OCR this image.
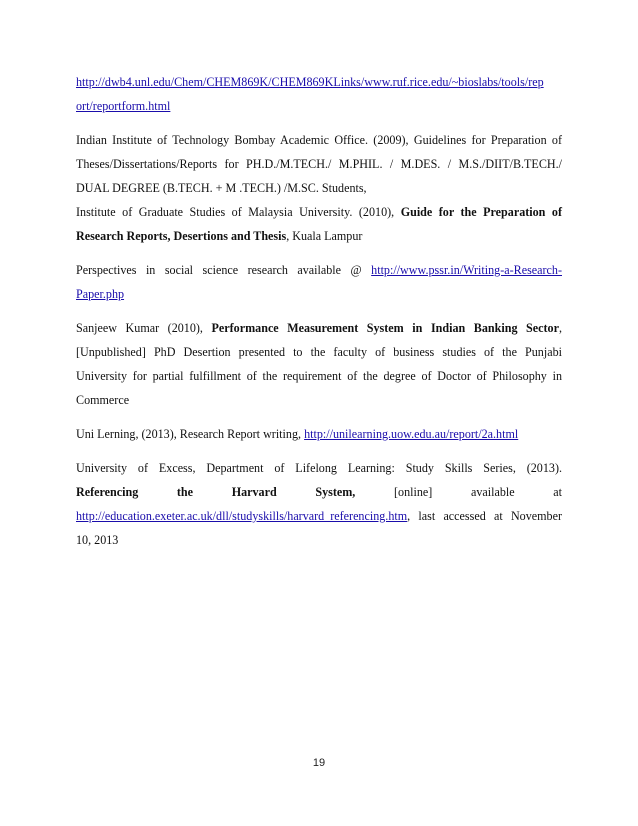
http://dwb4.unl.edu/Chem/CHEM869K/CHEM869KLinks/www.ruf.rice.edu/~bioslabs/tools/rep
ort/reportform.html
Indian Institute of Technology Bombay Academic Office. (2009), Guidelines for Preparation of
Theses/Dissertations/Reports for PH.D./M.TECH./ M.PHIL. / M.DES. / M.S./DIIT/B.TECH./
DUAL DEGREE (B.TECH. + M .TECH.) /M.SC. Students,
Institute of Graduate Studies of Malaysia University. (2010), Guide for the Preparation of
Research Reports, Desertions and Thesis, Kuala Lampur
Perspectives in social science research available @ http://www.pssr.in/Writing-a-Research-
Paper.php
Sanjeew Kumar (2010), Performance Measurement System in Indian Banking Sector,
[Unpublished] PhD Desertion presented to the faculty of business studies of the Punjabi
University for partial fulfillment of the requirement of the degree of Doctor of Philosophy in
Commerce
Uni Lerning, (2013), Research Report writing, http://unilearning.uow.edu.au/report/2a.html
University of Excess, Department of Lifelong Learning: Study Skills Series, (2013).
Referencing	the	Harvard	System,	[online]	available	at
http://education.exeter.ac.uk/dll/studyskills/harvard_referencing.htm, last accessed at November
10, 2013
19
